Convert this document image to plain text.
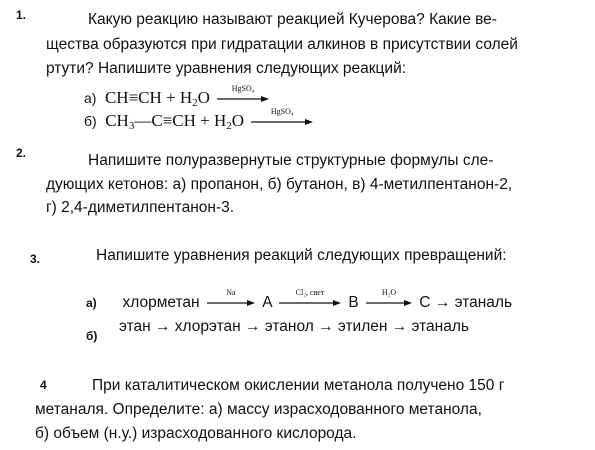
1.	Какую реакцию называют реакцией Кучерова? Какие ве-
щества образуются при гидратации алкинов в присутствии солей
ртути? Напишите уравнения следующих реакций:
а) $CH\equiv CH + H_2O$	HgSO₄
б) $CH_3—C\equiv CH + H_2O$	HgSO₄
2.	Напишите полуразвернутые структурные формулы сле-
дующих кетонов: а) пропанон, б) бутанон, в) 4-метилпентанон-2,
г) 2,4-диметилпентанон-3.
3.	Напишите уравнения реакций следующих превращений:
а) хлорметан
Na
A
Cl₂, свет
B
H₂O
C → этаналь
этан → хлорэтан → этанол → этилен → этаналь
б)
4	При каталитическом окислении метанола получено 150 г
метаналя. Определите: а) массу израсходованного метанола,
б) объем (н.у.) израсходованного кислорода.
